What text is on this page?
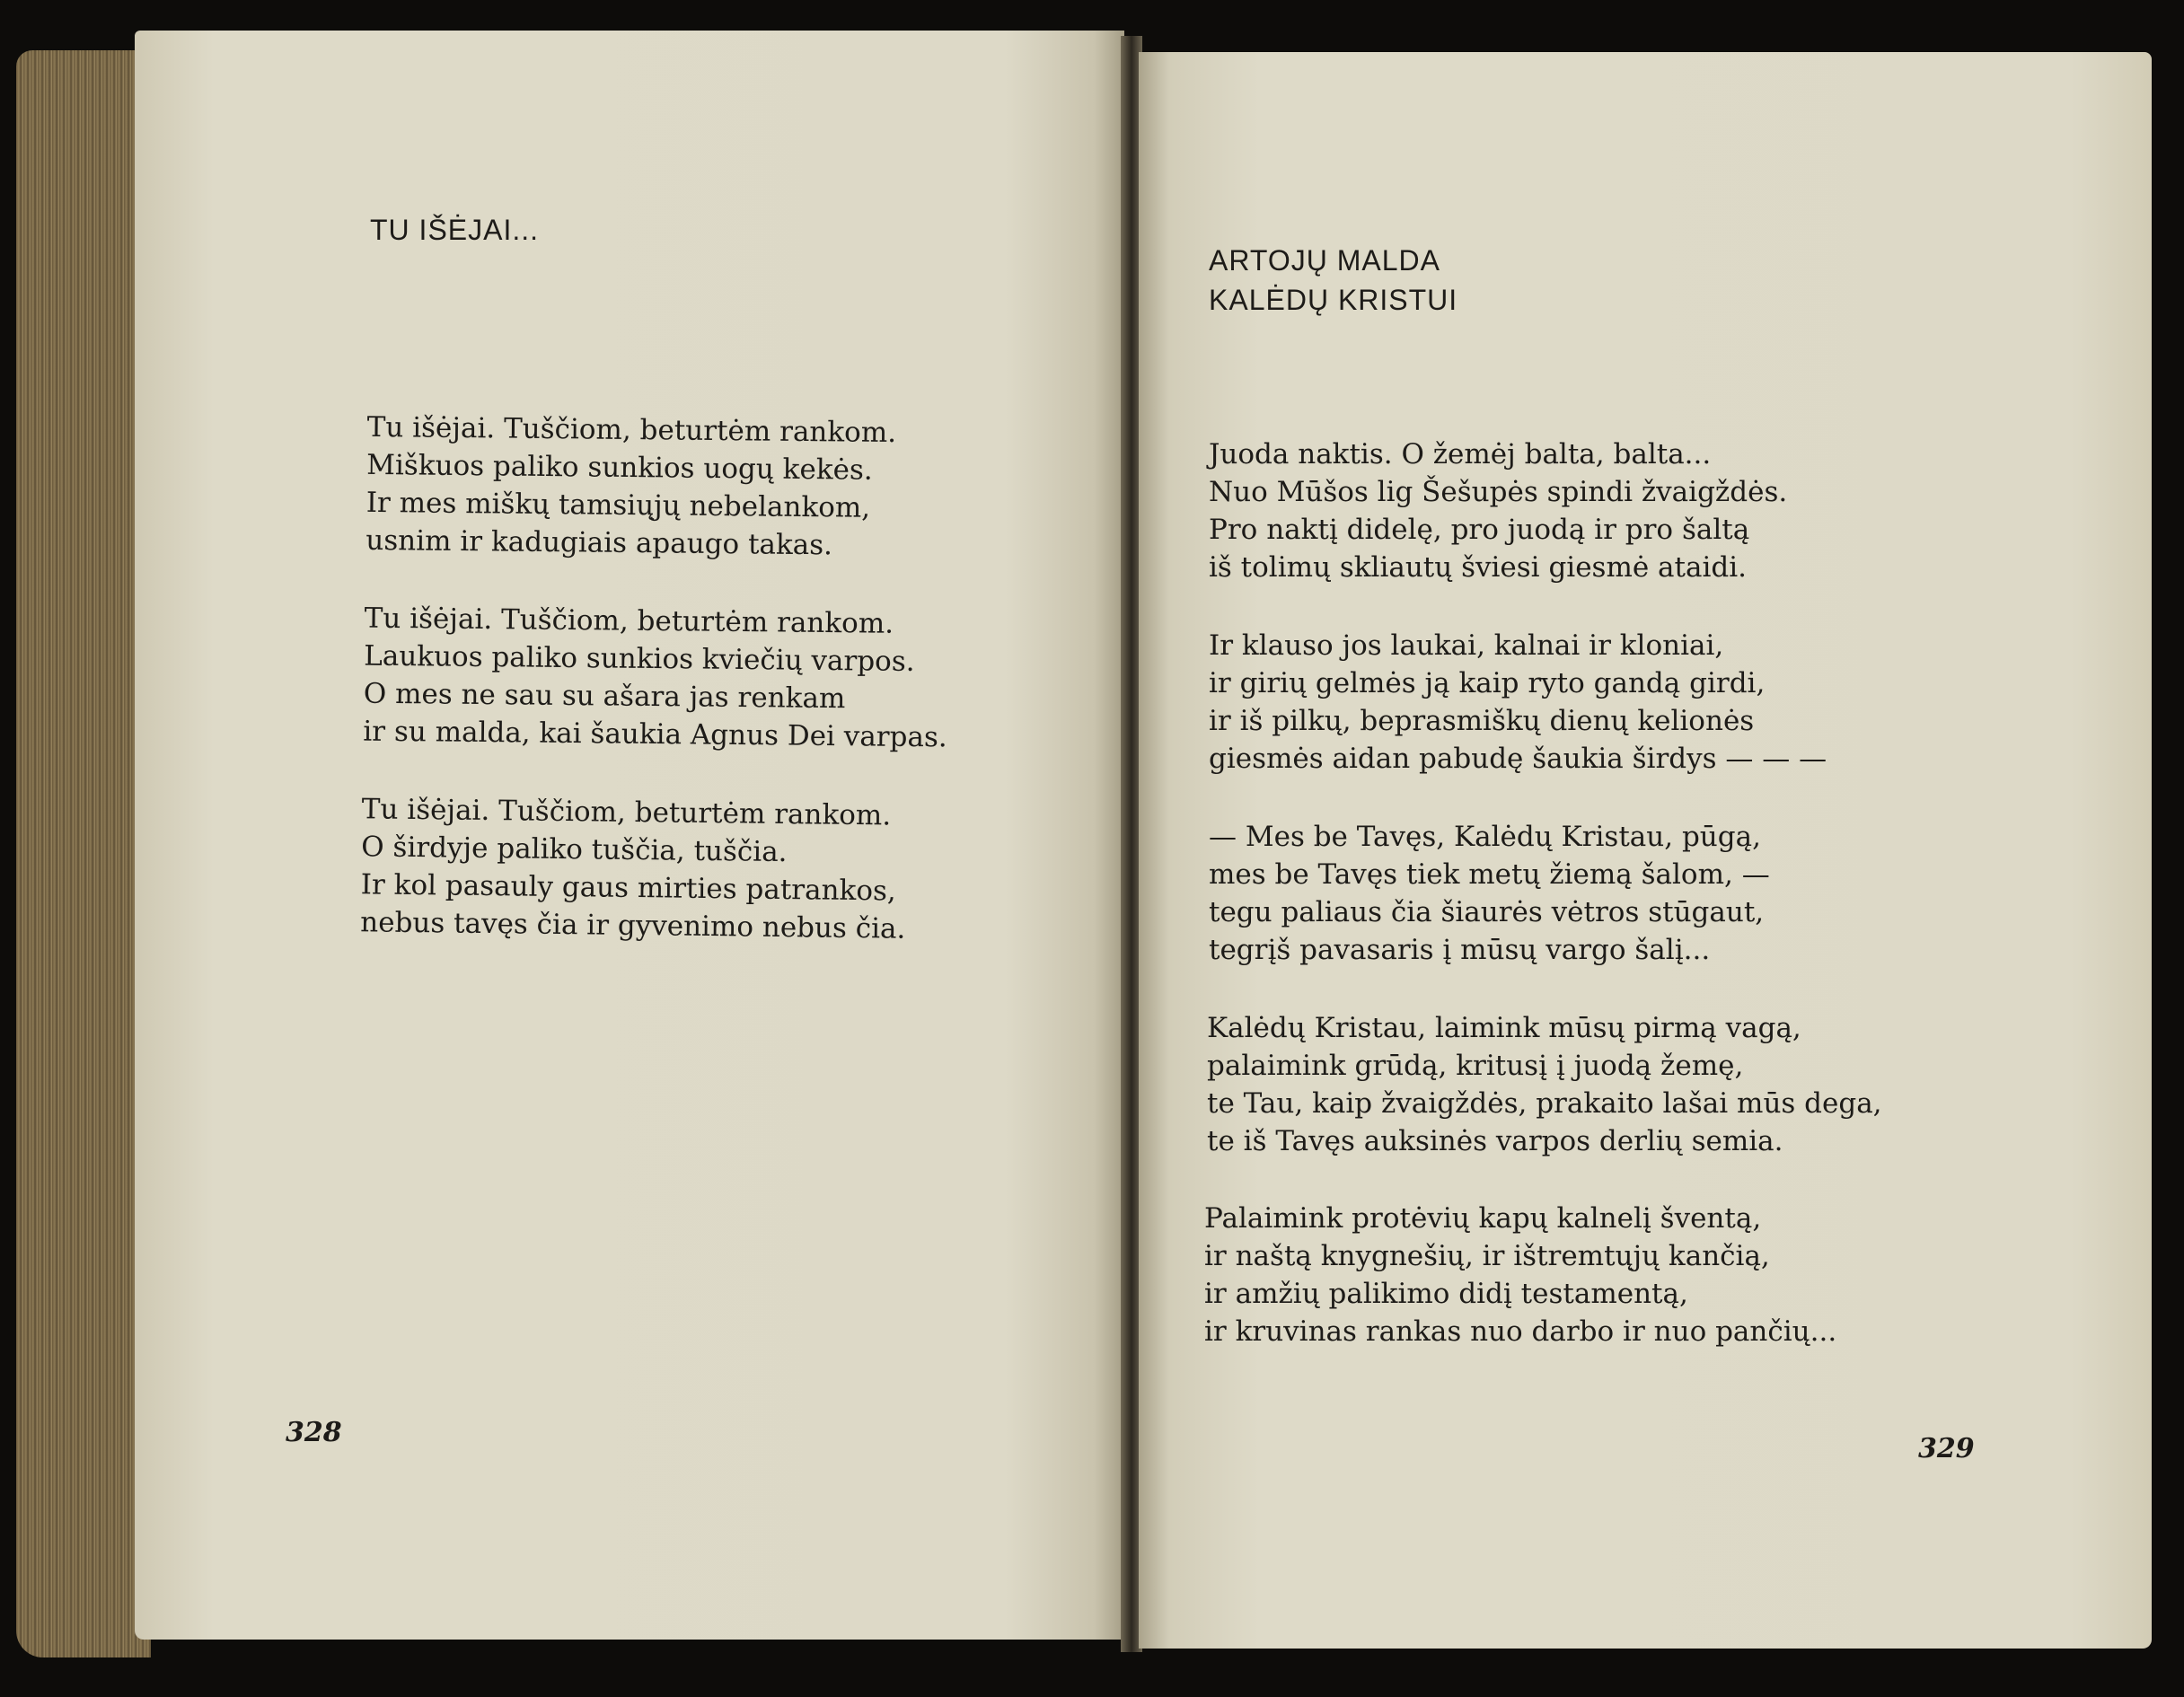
TU IŠĖJAI...
Tu išėjai. Tuščiom, beturtėm rankom.
Miškuos paliko sunkios uogų kekės.
Ir mes miškų tamsiųjų nebelankom,
usnim ir kadugiais apaugo takas.
Tu išėjai. Tuščiom, beturtėm rankom.
Laukuos paliko sunkios kviečių varpos.
O mes ne sau su ašara jas renkam
ir su malda, kai šaukia Agnus Dei varpas.
Tu išėjai. Tuščiom, beturtėm rankom.
O širdyje paliko tuščia, tuščia.
Ir kol pasauly gaus mirties patrankos,
nebus tavęs čia ir gyvenimo nebus čia.
328
ARTOJŲ MALDA
KALĖDŲ KRISTUI
Juoda naktis. O žemėj balta, balta...
Nuo Mūšos lig Šešupės spindi žvaigždės.
Pro naktį didelę, pro juodą ir pro šaltą
iš tolimų skliautų šviesi giesmė ataidi.
Ir klauso jos laukai, kalnai ir kloniai,
ir girių gelmės ją kaip ryto gandą girdi,
ir iš pilkų, beprasmiškų dienų kelionės
giesmės aidan pabudę šaukia širdys — — —
— Mes be Tavęs, Kalėdų Kristau, pūgą,
mes be Tavęs tiek metų žiemą šalom, —
tegu paliaus čia šiaurės vėtros stūgaut,
tegrįš pavasaris į mūsų vargo šalį...
Kalėdų Kristau, laimink mūsų pirmą vagą,
palaimink grūdą, kritusį į juodą žemę,
te Tau, kaip žvaigždės, prakaito lašai mūs dega,
te iš Tavęs auksinės varpos derlių semia.
Palaimink protėvių kapų kalnelį šventą,
ir naštą knygnešių, ir ištremtųjų kančią,
ir amžių palikimo didį testamentą,
ir kruvinas rankas nuo darbo ir nuo pančių...
329
